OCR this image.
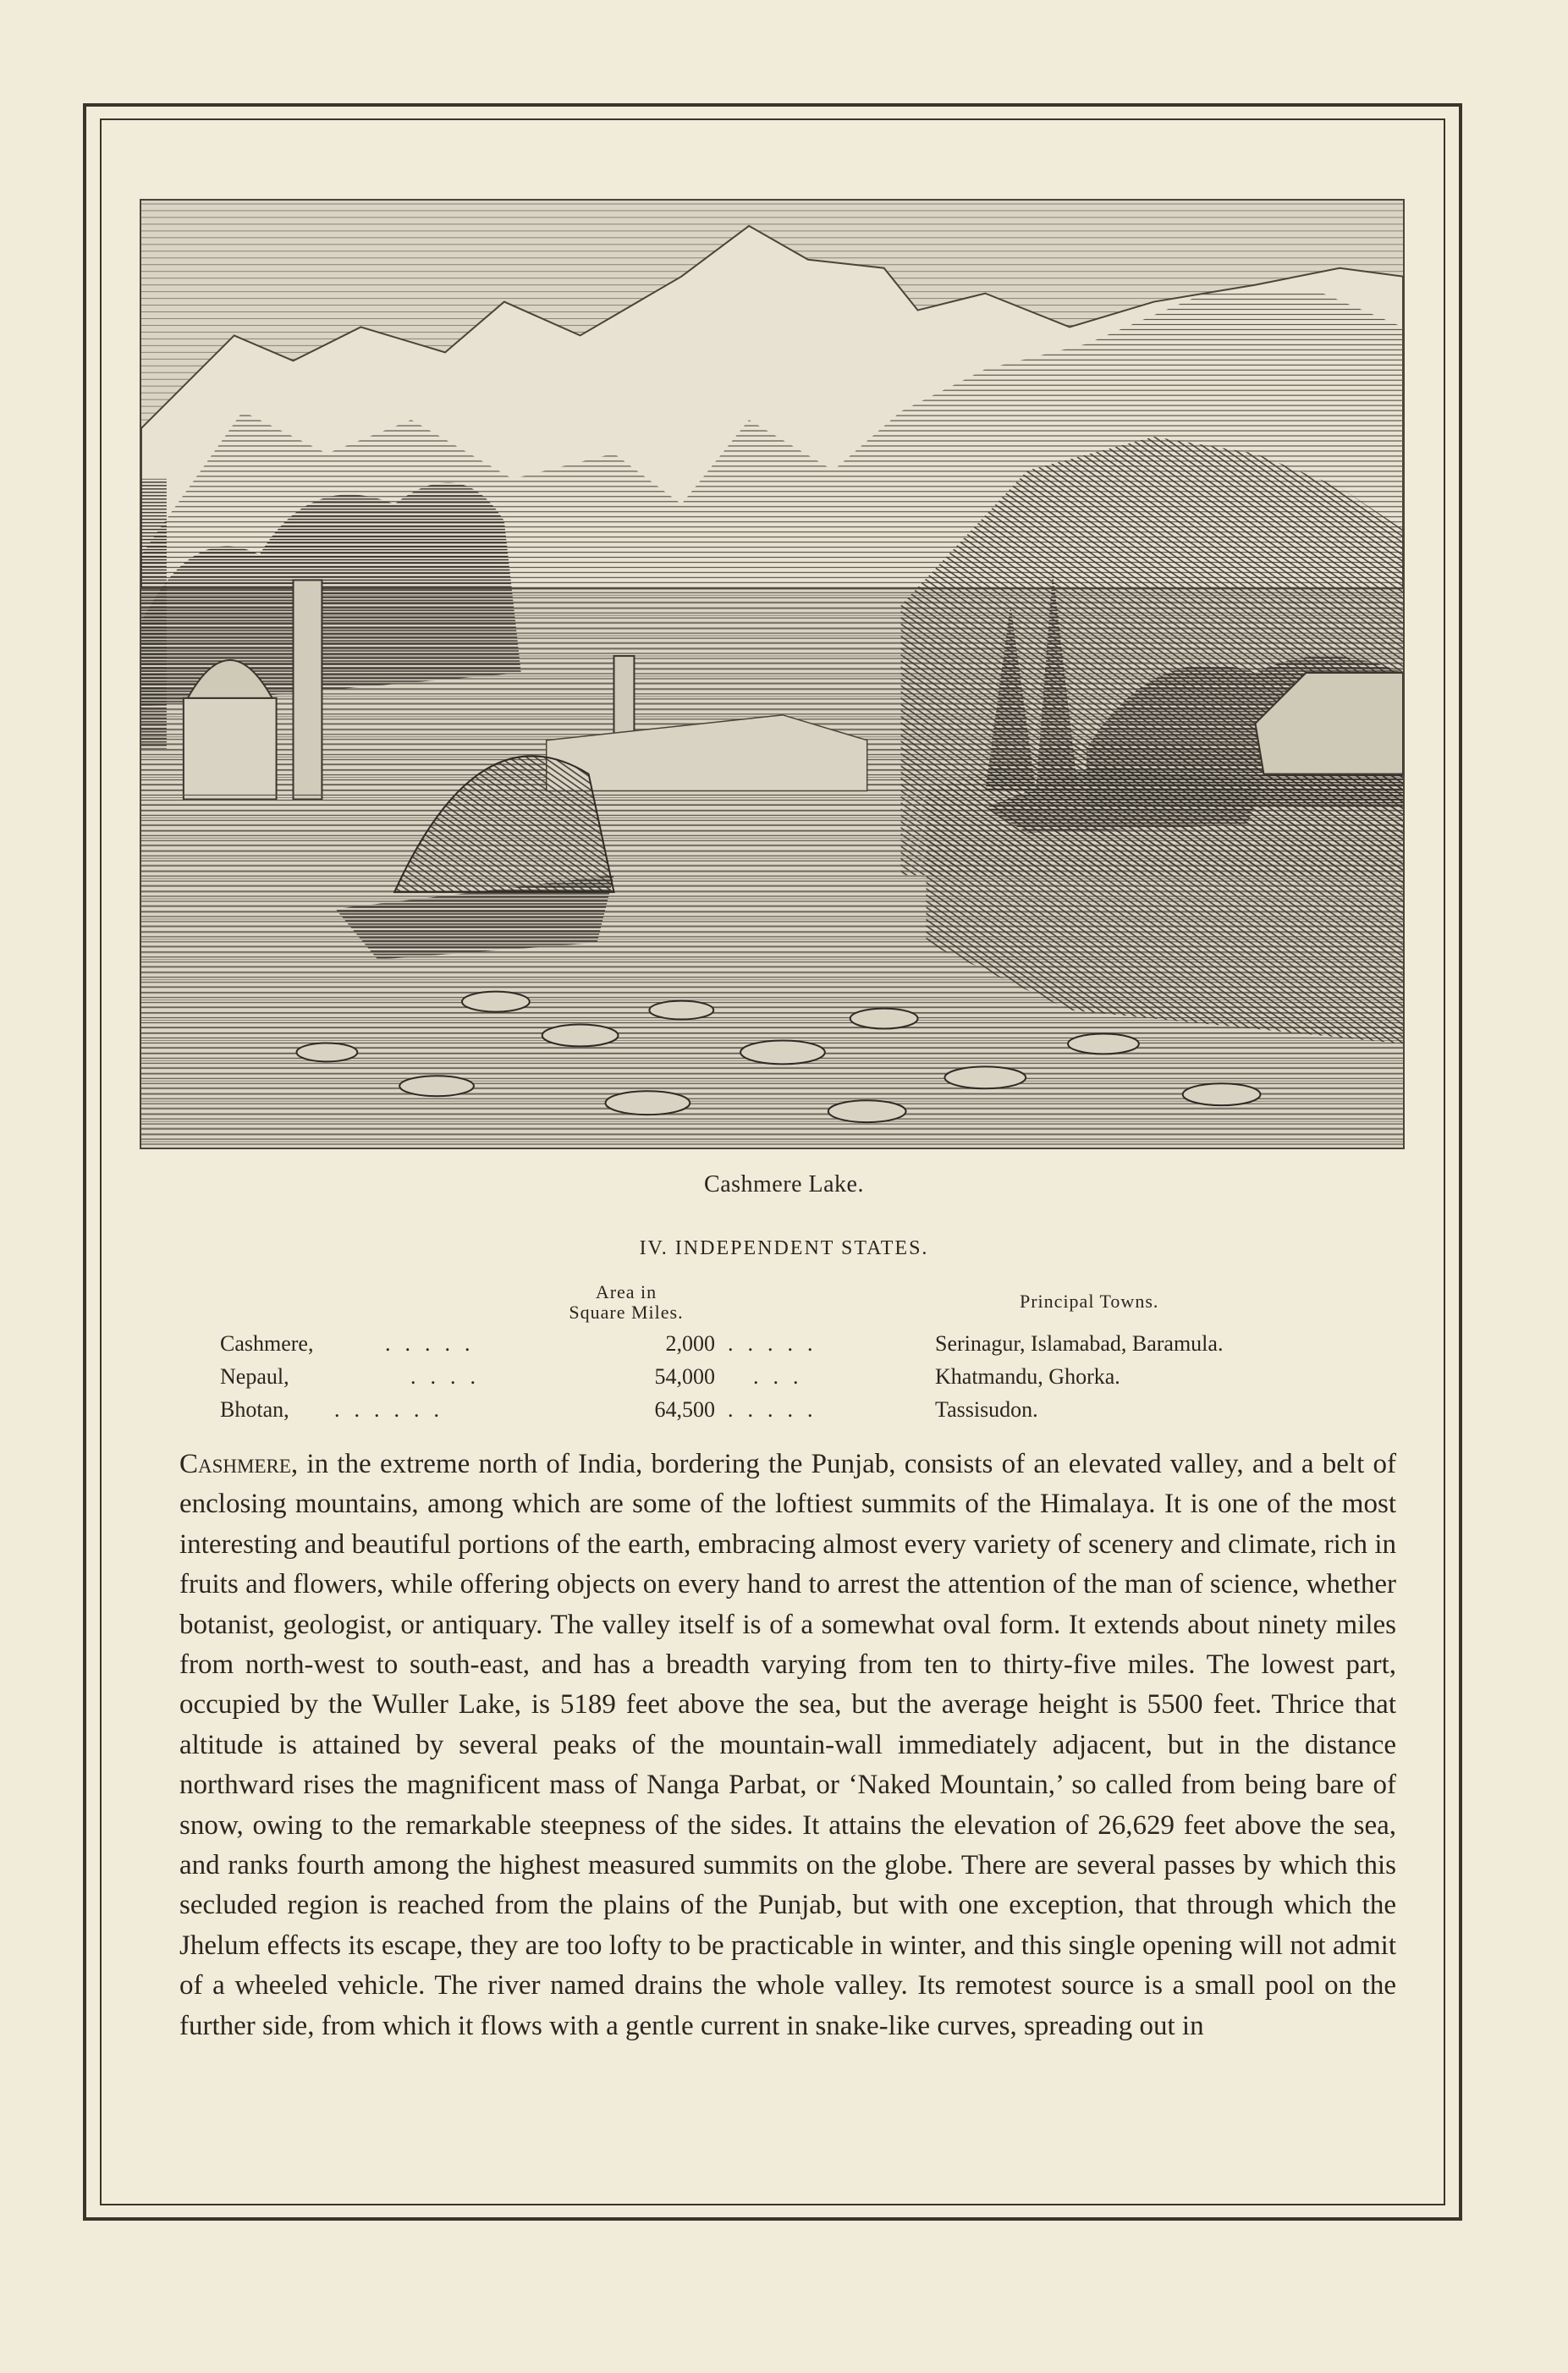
Cashmere Lake.
IV. INDEPENDENT STATES.
Area in
Square Miles.
Principal Towns.
Cashmere,	.....	2,000 .....	Serinagur, Islamabad, Baramula.
Nepaul,	....	54,000 ...	Khatmandu, Ghorka.
Bhotan, ......	64,500 .....	Tassisudon.
Cashmere, in the extreme north of India, bordering the Punjab, consists of an elevated valley, and a belt of enclosing mountains, among which are some of the loftiest summits of the Himalaya. It is one of the most interesting and beautiful portions of the earth, embracing almost every variety of scenery and climate, rich in fruits and flowers, while offering objects on every hand to arrest the attention of the man of science, whether botanist, geologist, or antiquary. The valley itself is of a somewhat oval form. It extends about ninety miles from north-west to south-east, and has a breadth varying from ten to thirty-five miles. The lowest part, occupied by the Wuller Lake, is 5189 feet above the sea, but the average height is 5500 feet. Thrice that altitude is attained by several peaks of the mountain-wall immediately adjacent, but in the distance northward rises the magnificent mass of Nanga Parbat, or ‘Naked Mountain,’ so called from being bare of snow, owing to the remarkable steepness of the sides. It attains the elevation of 26,629 feet above the sea, and ranks fourth among the highest measured summits on the globe. There are several passes by which this secluded region is reached from the plains of the Punjab, but with one exception, that through which the Jhelum effects its escape, they are too lofty to be practicable in winter, and this single opening will not admit of a wheeled vehicle. The river named drains the whole valley. Its remotest source is a small pool on the further side, from which it flows with a gentle current in snake-like curves, spreading out in
